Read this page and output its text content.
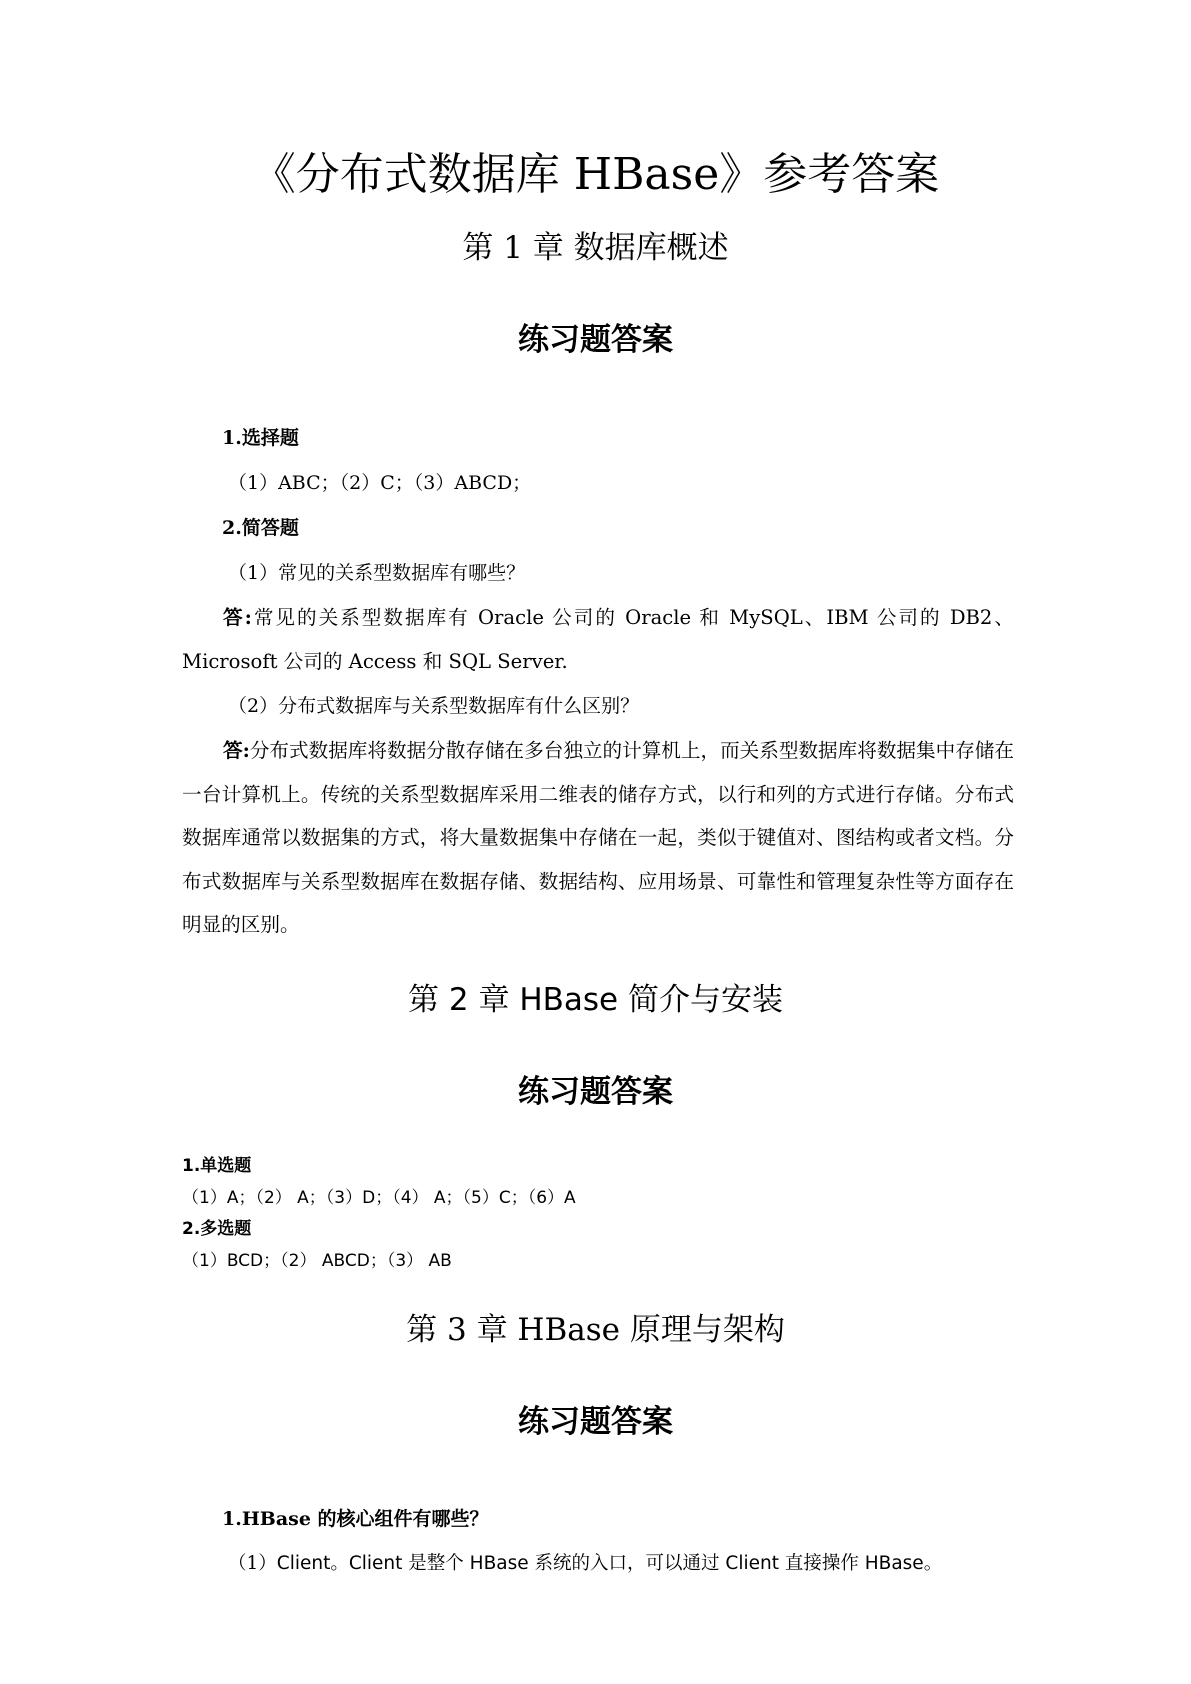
《分布式数据库 HBase》参考答案
第 1 章 数据库概述
练习题答案
1.选择题
（1）ABC；（2）C；（3）ABCD；
2.简答题
（1）常见的关系型数据库有哪些？
答:常见的关系型数据库有 Oracle 公司的 Oracle 和 MySQL、IBM 公司的 DB2、Microsoft 公司的 Access 和 SQL Server.
（2）分布式数据库与关系型数据库有什么区别？
答:分布式数据库将数据分散存储在多台独立的计算机上，而关系型数据库将数据集中存储在一台计算机上。传统的关系型数据库采用二维表的储存方式，以行和列的方式进行存储。分布式数据库通常以数据集的方式，将大量数据集中存储在一起，类似于键值对、图结构或者文档。分布式数据库与关系型数据库在数据存储、数据结构、应用场景、可靠性和管理复杂性等方面存在明显的区别。
第 2 章 HBase 简介与安装
练习题答案
1.单选题
（1）A；（2） A；（3）D；（4） A；（5）C；（6）A
2.多选题
（1）BCD；（2） ABCD；（3） AB
第 3 章 HBase 原理与架构
练习题答案
1.HBase 的核心组件有哪些？
（1）Client。Client 是整个 HBase 系统的入口，可以通过 Client 直接操作 HBase。
